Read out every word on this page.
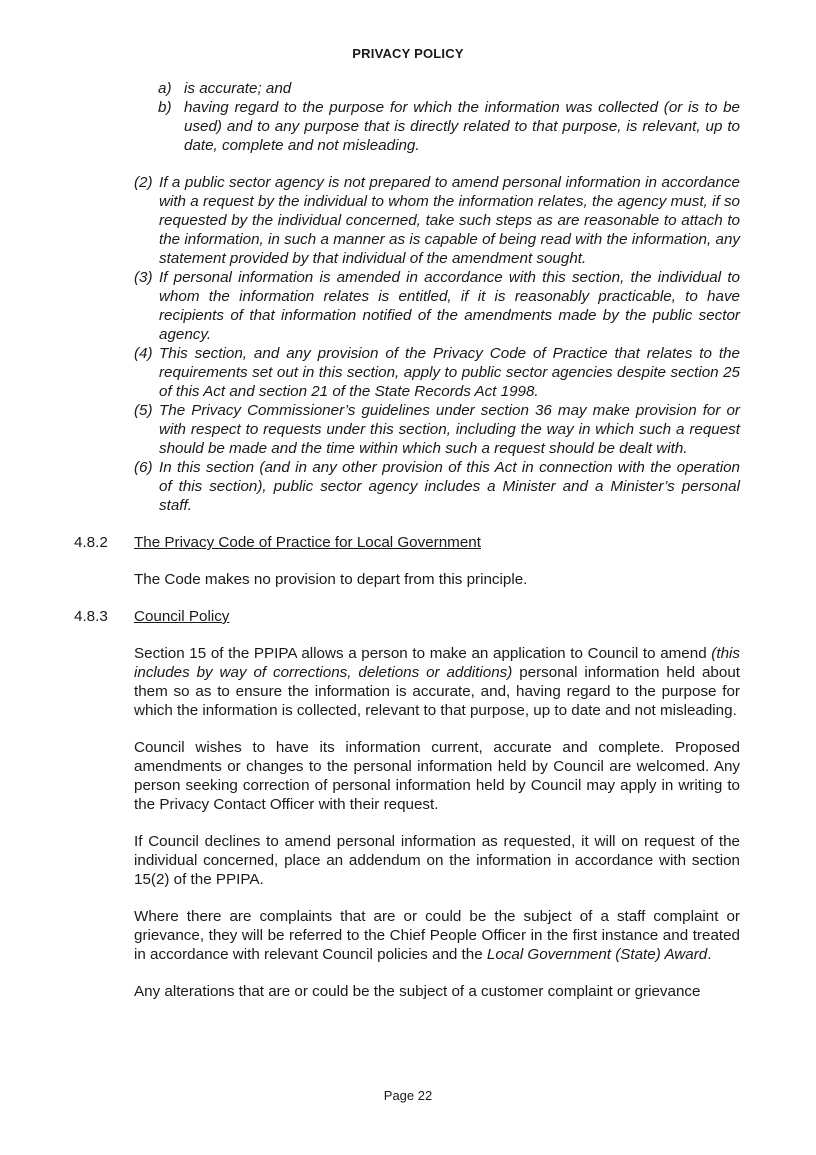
PRIVACY POLICY
a) is accurate; and
b) having regard to the purpose for which the information was collected (or is to be used) and to any purpose that is directly related to that purpose, is relevant, up to date, complete and not misleading.
(2) If a public sector agency is not prepared to amend personal information in accordance with a request by the individual to whom the information relates, the agency must, if so requested by the individual concerned, take such steps as are reasonable to attach to the information, in such a manner as is capable of being read with the information, any statement provided by that individual of the amendment sought.
(3) If personal information is amended in accordance with this section, the individual to whom the information relates is entitled, if it is reasonably practicable, to have recipients of that information notified of the amendments made by the public sector agency.
(4) This section, and any provision of the Privacy Code of Practice that relates to the requirements set out in this section, apply to public sector agencies despite section 25 of this Act and section 21 of the State Records Act 1998.
(5) The Privacy Commissioner’s guidelines under section 36 may make provision for or with respect to requests under this section, including the way in which such a request should be made and the time within which such a request should be dealt with.
(6) In this section (and in any other provision of this Act in connection with the operation of this section), public sector agency includes a Minister and a Minister’s personal staff.
4.8.2 The Privacy Code of Practice for Local Government
The Code makes no provision to depart from this principle.
4.8.3 Council Policy
Section 15 of the PPIPA allows a person to make an application to Council to amend (this includes by way of corrections, deletions or additions) personal information held about them so as to ensure the information is accurate, and, having regard to the purpose for which the information is collected, relevant to that purpose, up to date and not misleading.
Council wishes to have its information current, accurate and complete. Proposed amendments or changes to the personal information held by Council are welcomed. Any person seeking correction of personal information held by Council may apply in writing to the Privacy Contact Officer with their request.
If Council declines to amend personal information as requested, it will on request of the individual concerned, place an addendum on the information in accordance with section 15(2) of the PPIPA.
Where there are complaints that are or could be the subject of a staff complaint or grievance, they will be referred to the Chief People Officer in the first instance and treated in accordance with relevant Council policies and the Local Government (State) Award.
Any alterations that are or could be the subject of a customer complaint or grievance
Page 22
